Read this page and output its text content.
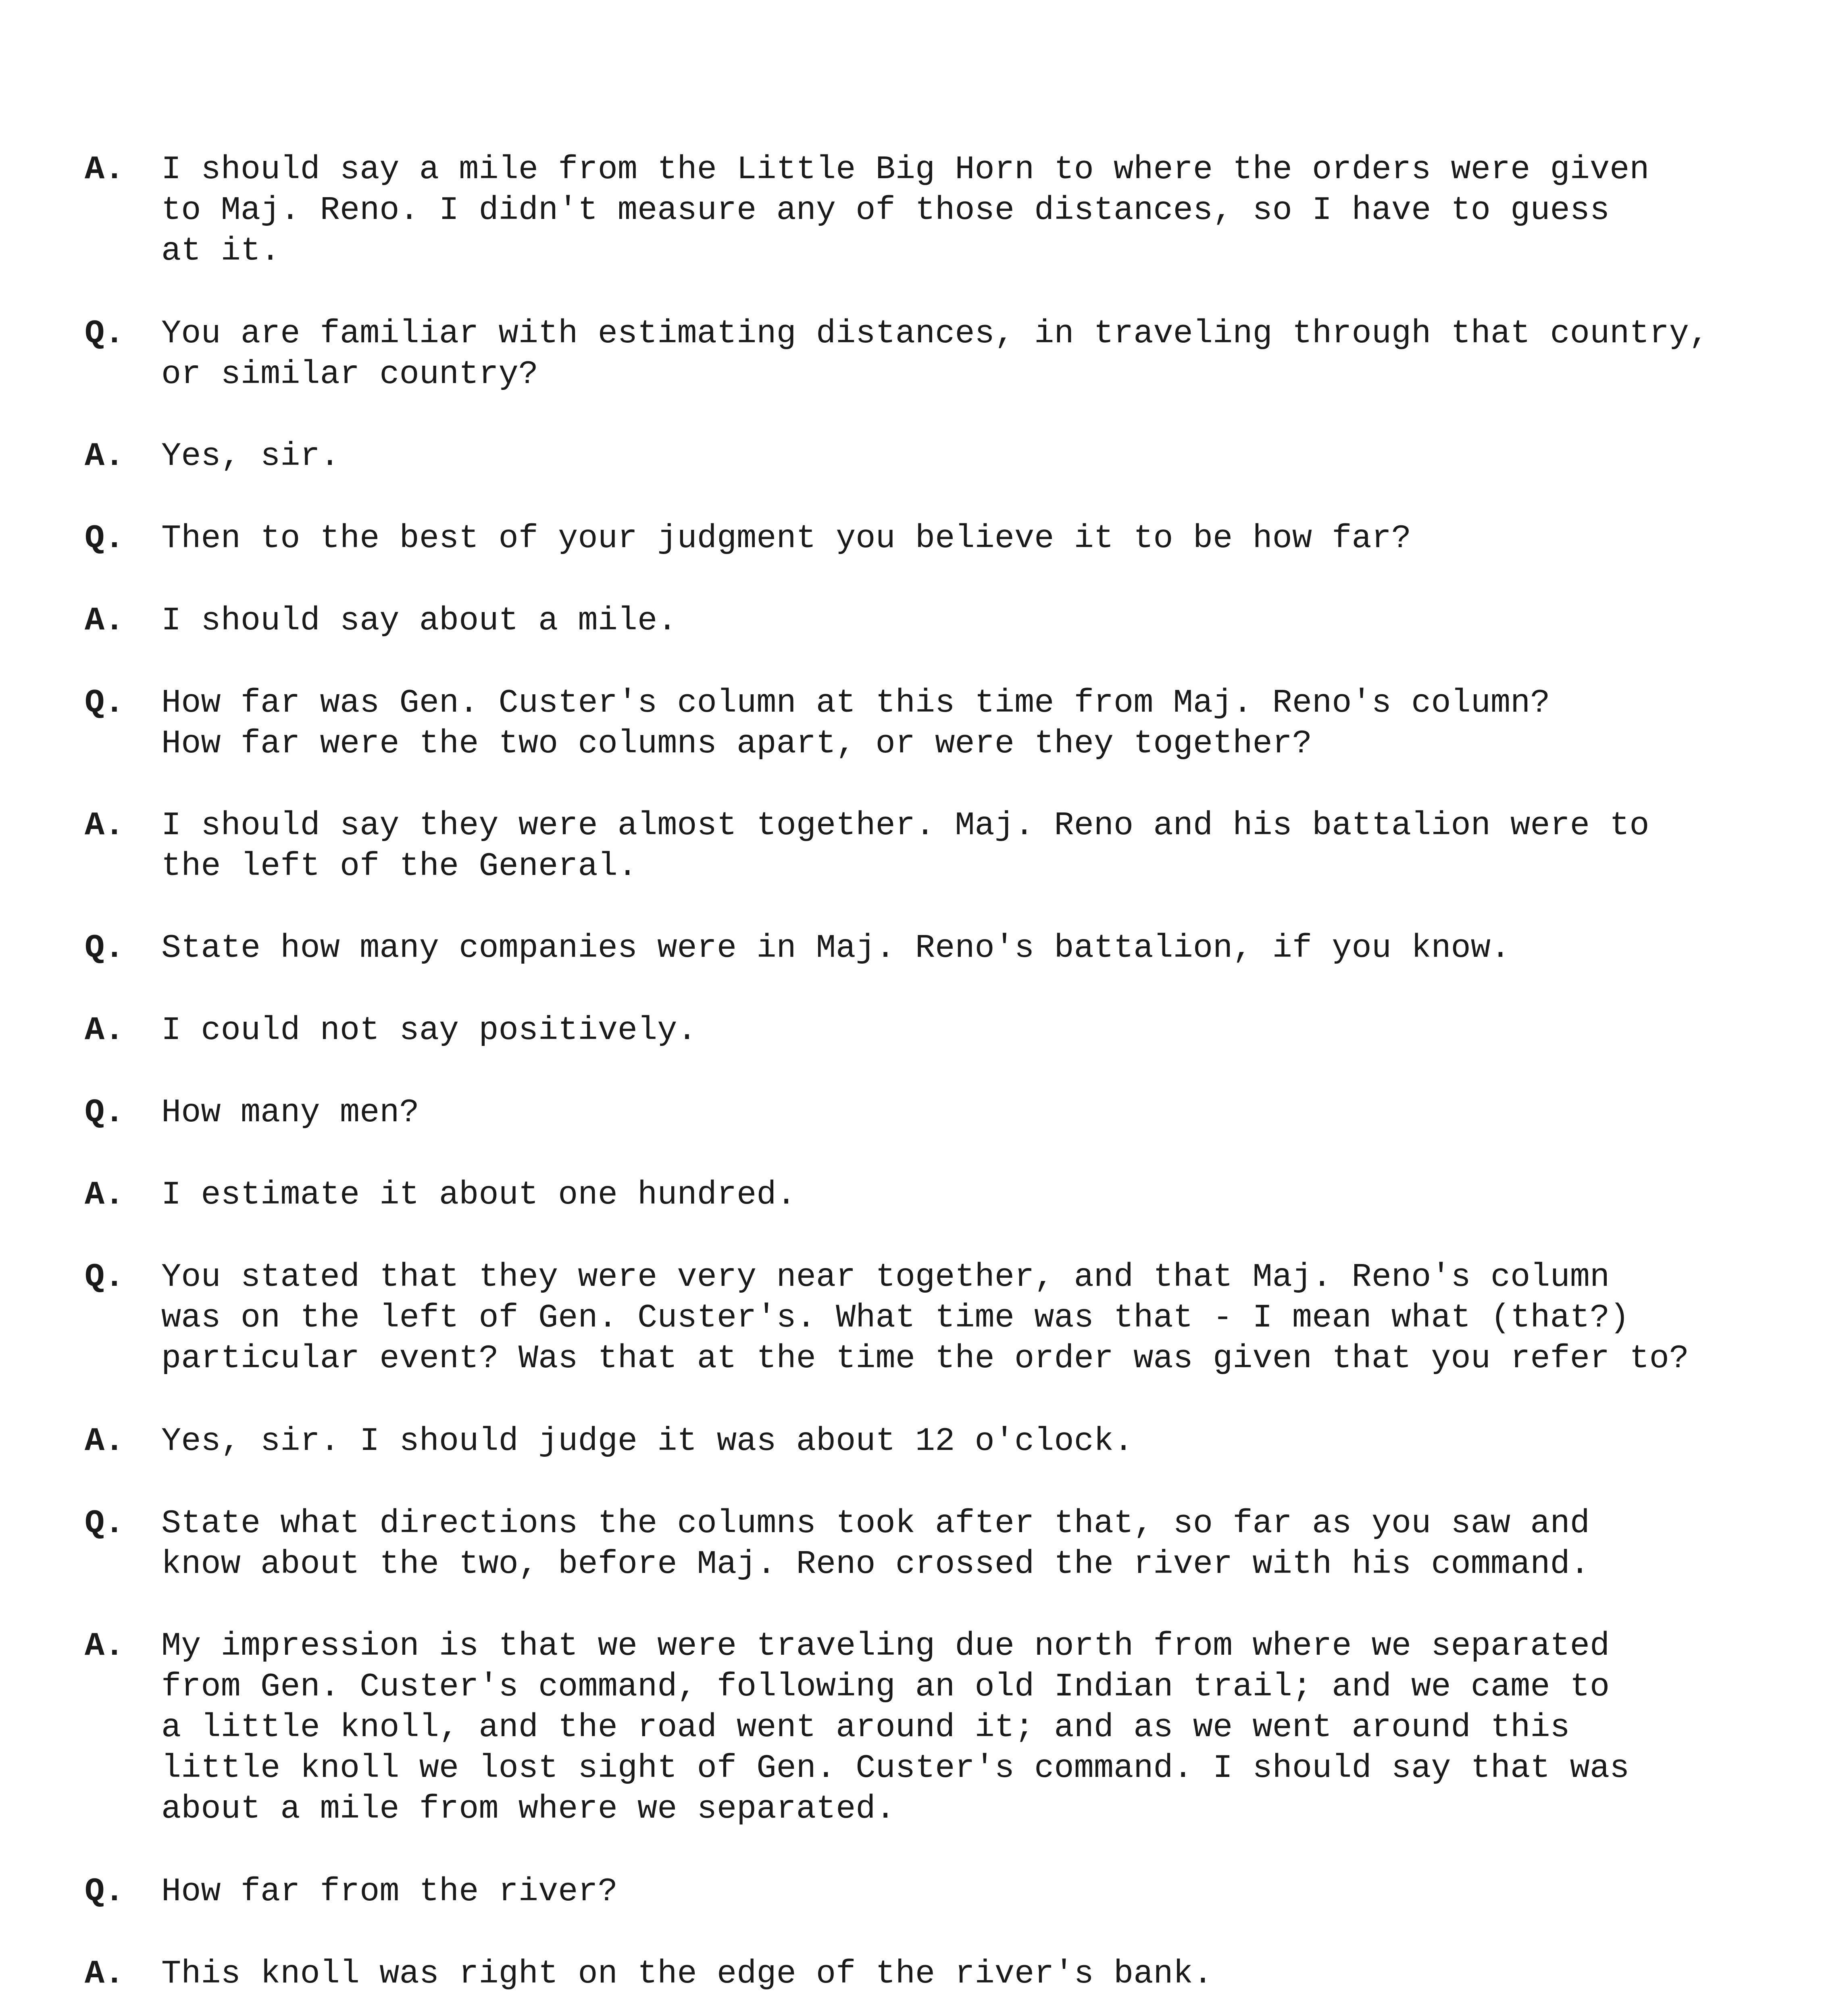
A. I should say a mile from the Little Big Horn to where the orders were given
to Maj. Reno. I didn't measure any of those distances, so I have to guess
at it.
Q. You are familiar with estimating distances, in traveling through that country,
or similar country?
A. Yes, sir.
Q. Then to the best of your judgment you believe it to be how far?
A. I should say about a mile.
Q. How far was Gen. Custer's column at this time from Maj. Reno's column?
How far were the two columns apart, or were they together?
A. I should say they were almost together. Maj. Reno and his battalion were to
the left of the General.
Q. State how many companies were in Maj. Reno's battalion, if you know.
A. I could not say positively.
Q. How many men?
A. I estimate it about one hundred.
Q. You stated that they were very near together, and that Maj. Reno's column
was on the left of Gen. Custer's. What time was that - I mean what (that?)
particular event? Was that at the time the order was given that you refer to?
A. Yes, sir. I should judge it was about 12 o'clock.
Q. State what directions the columns took after that, so far as you saw and
know about the two, before Maj. Reno crossed the river with his command.
A. My impression is that we were traveling due north from where we separated
from Gen. Custer's command, following an old Indian trail; and we came to
a little knoll, and the road went around it; and as we went around this
little knoll we lost sight of Gen. Custer's command. I should say that was
about a mile from where we separated.
Q. How far from the river?
A. This knoll was right on the edge of the river's bank.
